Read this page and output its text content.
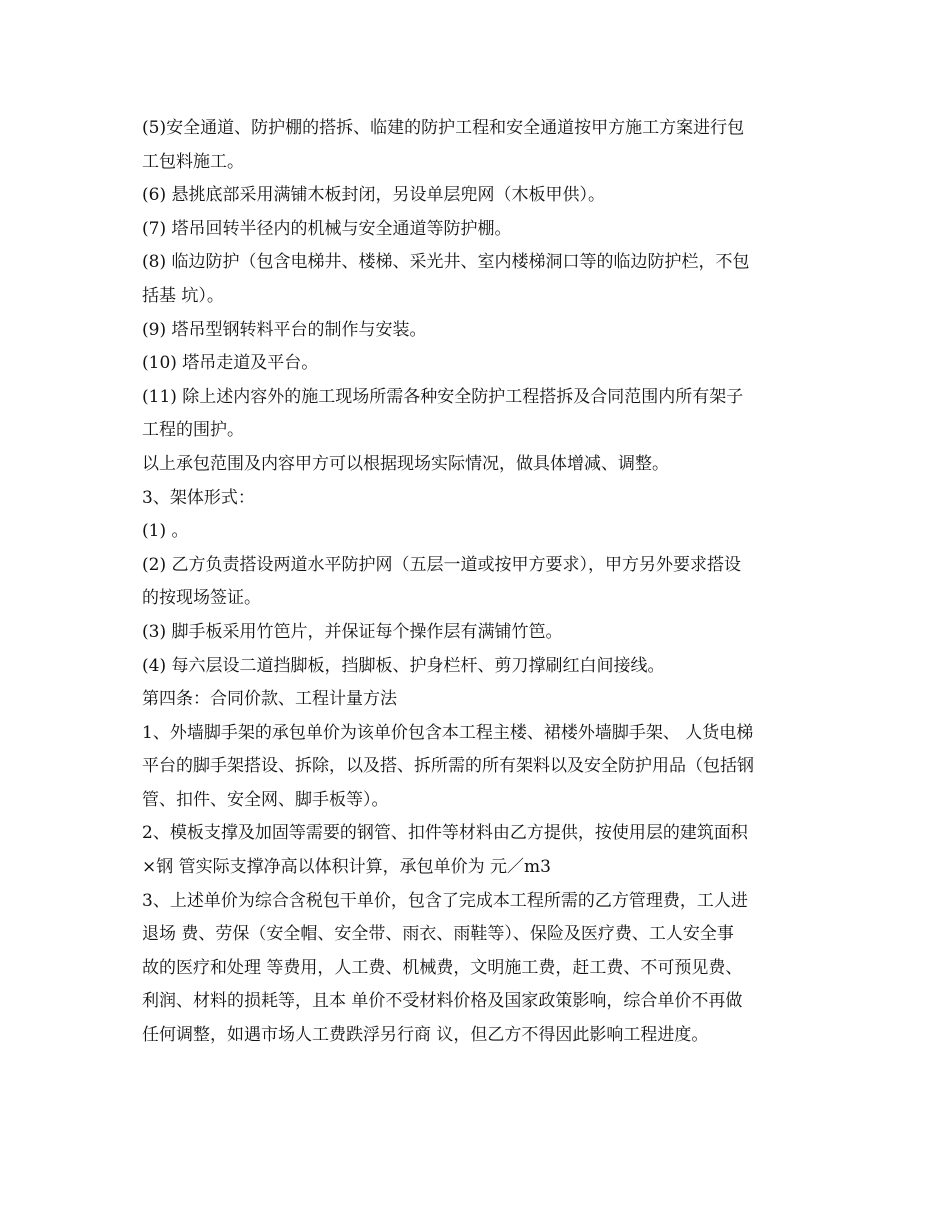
(5)安全通道、防护棚的搭拆、临建的防护工程和安全通道按甲方施工方案进行包
工包料施工。
(6) 悬挑底部采用满铺木板封闭，另设单层兜网（木板甲供）。
(7) 塔吊回转半径内的机械与安全通道等防护棚。
(8) 临边防护（包含电梯井、楼梯、采光井、室内楼梯洞口等的临边防护栏，不包
括基 坑）。
(9) 塔吊型钢转料平台的制作与安装。
(10) 塔吊走道及平台。
(11) 除上述内容外的施工现场所需各种安全防护工程搭拆及合同范围内所有架子
工程的围护。
以上承包范围及内容甲方可以根据现场实际情况，做具体增减、调整。
3、架体形式：
(1) 。
(2) 乙方负责搭设两道水平防护网（五层一道或按甲方要求），甲方另外要求搭设
的按现场签证。
(3) 脚手板采用竹笆片，并保证每个操作层有满铺竹笆。
(4) 每六层设二道挡脚板，挡脚板、护身栏杆、剪刀撑刷红白间接线。
第四条：合同价款、工程计量方法
1、外墙脚手架的承包单价为该单价包含本工程主楼、裙楼外墙脚手架、 人货电梯
平台的脚手架搭设、拆除，以及搭、拆所需的所有架料以及安全防护用品（包括钢
管、扣件、安全网、脚手板等）。
2、模板支撑及加固等需要的钢管、扣件等材料由乙方提供，按使用层的建筑面积
×钢 管实际支撑净高以体积计算，承包单价为 元／m3
3、上述单价为综合含税包干单价，包含了完成本工程所需的乙方管理费，工人进
退场 费、劳保（安全帽、安全带、雨衣、雨鞋等）、保险及医疗费、工人安全事
故的医疗和处理 等费用，人工费、机械费，文明施工费，赶工费、不可预见费、
利润、材料的损耗等，且本 单价不受材料价格及国家政策影响，综合单价不再做
任何调整，如遇市场人工费跌浮另行商 议，但乙方不得因此影响工程进度。
